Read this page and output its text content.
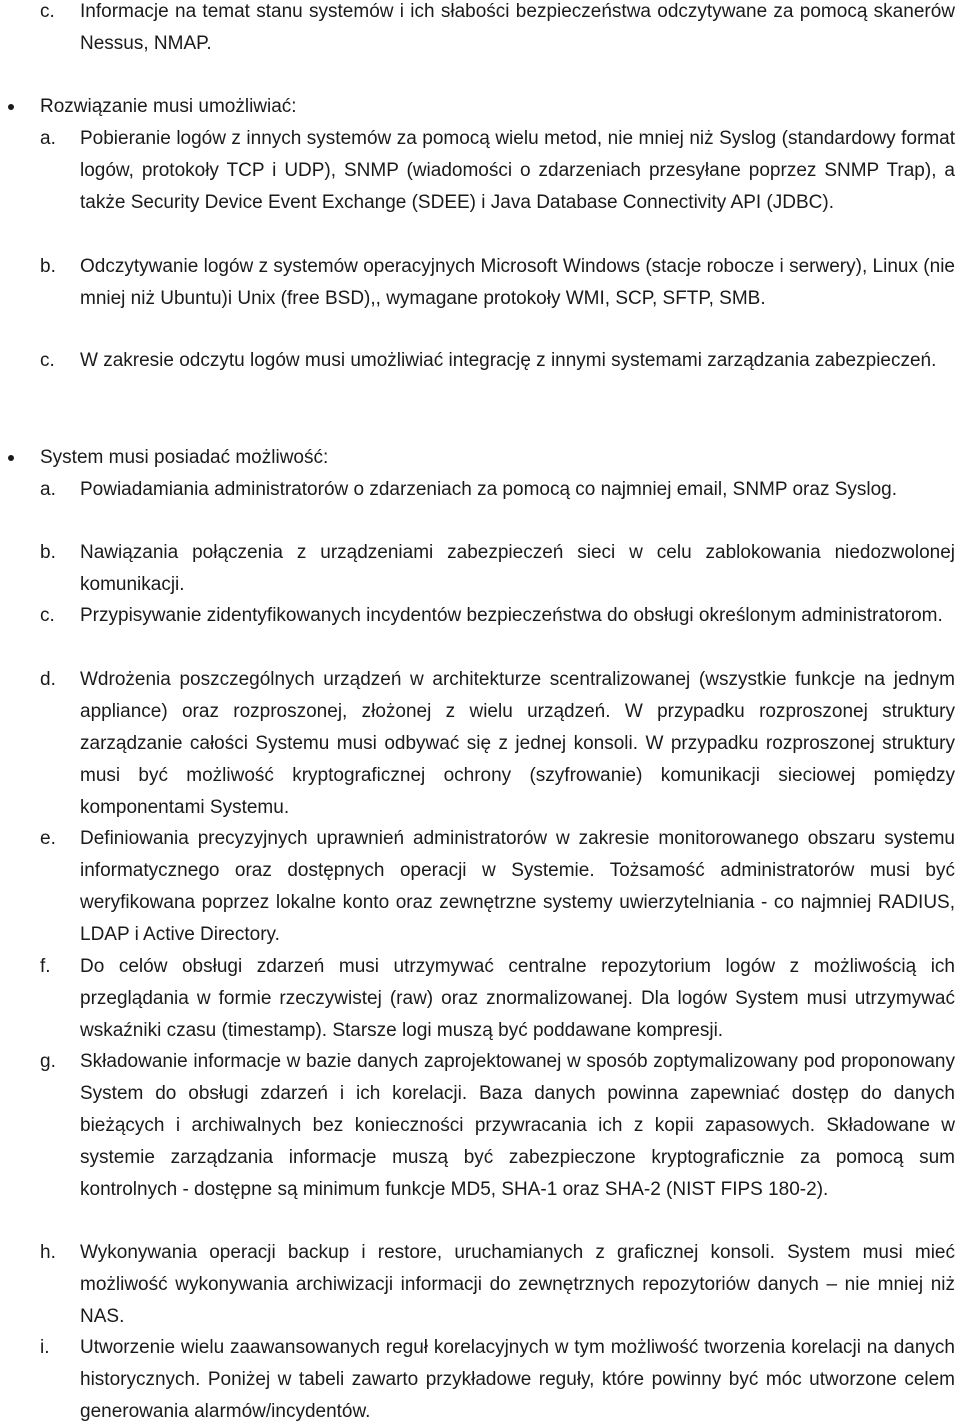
c. Informacje na temat stanu systemów i ich słabości bezpieczeństwa odczytywane za pomocą skanerów Nessus, NMAP.
Rozwiązanie musi umożliwiać:
a. Pobieranie logów z innych systemów za pomocą wielu metod, nie mniej niż Syslog (standardowy format logów, protokoły TCP i UDP), SNMP (wiadomości o zdarzeniach przesyłane poprzez SNMP Trap), a także Security Device Event Exchange (SDEE) i Java Database Connectivity API (JDBC).
b. Odczytywanie logów z systemów operacyjnych Microsoft Windows (stacje robocze i serwery), Linux (nie mniej niż Ubuntu)i Unix (free BSD),, wymagane protokoły WMI, SCP, SFTP, SMB.
c. W zakresie odczytu logów musi umożliwiać integrację z innymi systemami zarządzania zabezpieczeń.
System musi posiadać możliwość:
a. Powiadamiania administratorów o zdarzeniach za pomocą co najmniej email, SNMP oraz Syslog.
b. Nawiązania połączenia z urządzeniami zabezpieczeń sieci w celu zablokowania niedozwolonej komunikacji.
c. Przypisywanie zidentyfikowanych incydentów bezpieczeństwa do obsługi określonym administratorom.
d. Wdrożenia poszczególnych urządzeń w architekturze scentralizowanej (wszystkie funkcje na jednym appliance) oraz rozproszonej, złożonej z wielu urządzeń. W przypadku rozproszonej struktury zarządzanie całości Systemu musi odbywać się z jednej konsoli. W przypadku rozproszonej struktury musi być możliwość kryptograficznej ochrony (szyfrowanie) komunikacji sieciowej pomiędzy komponentami Systemu.
e. Definiowania precyzyjnych uprawnień administratorów w zakresie monitorowanego obszaru systemu informatycznego oraz dostępnych operacji w Systemie. Tożsamość administratorów musi być weryfikowana poprzez lokalne konto oraz zewnętrzne systemy uwierzytelniania - co najmniej RADIUS, LDAP i Active Directory.
f. Do celów obsługi zdarzeń musi utrzymywać centralne repozytorium logów z możliwością ich przeglądania w formie rzeczywistej (raw) oraz znormalizowanej. Dla logów System musi utrzymywać wskaźniki czasu (timestamp). Starsze logi muszą być poddawane kompresji.
g. Składowanie informacje w bazie danych zaprojektowanej w sposób zoptymalizowany pod proponowany System do obsługi zdarzeń i ich korelacji. Baza danych powinna zapewniać dostęp do danych bieżących i archiwalnych bez konieczności przywracania ich z kopii zapasowych. Składowane w systemie zarządzania informacje muszą być zabezpieczone kryptograficznie za pomocą sum kontrolnych - dostępne są minimum funkcje MD5, SHA-1 oraz SHA-2 (NIST FIPS 180-2).
h. Wykonywania operacji backup i restore, uruchamianych z graficznej konsoli. System musi mieć możliwość wykonywania archiwizacji informacji do zewnętrznych repozytoriów danych – nie mniej niż NAS.
i. Utworzenie wielu zaawansowanych reguł korelacyjnych w tym możliwość tworzenia korelacji na danych historycznych. Poniżej w tabeli zawarto przykładowe reguły, które powinny być móc utworzone celem generowania alarmów/incydentów.
